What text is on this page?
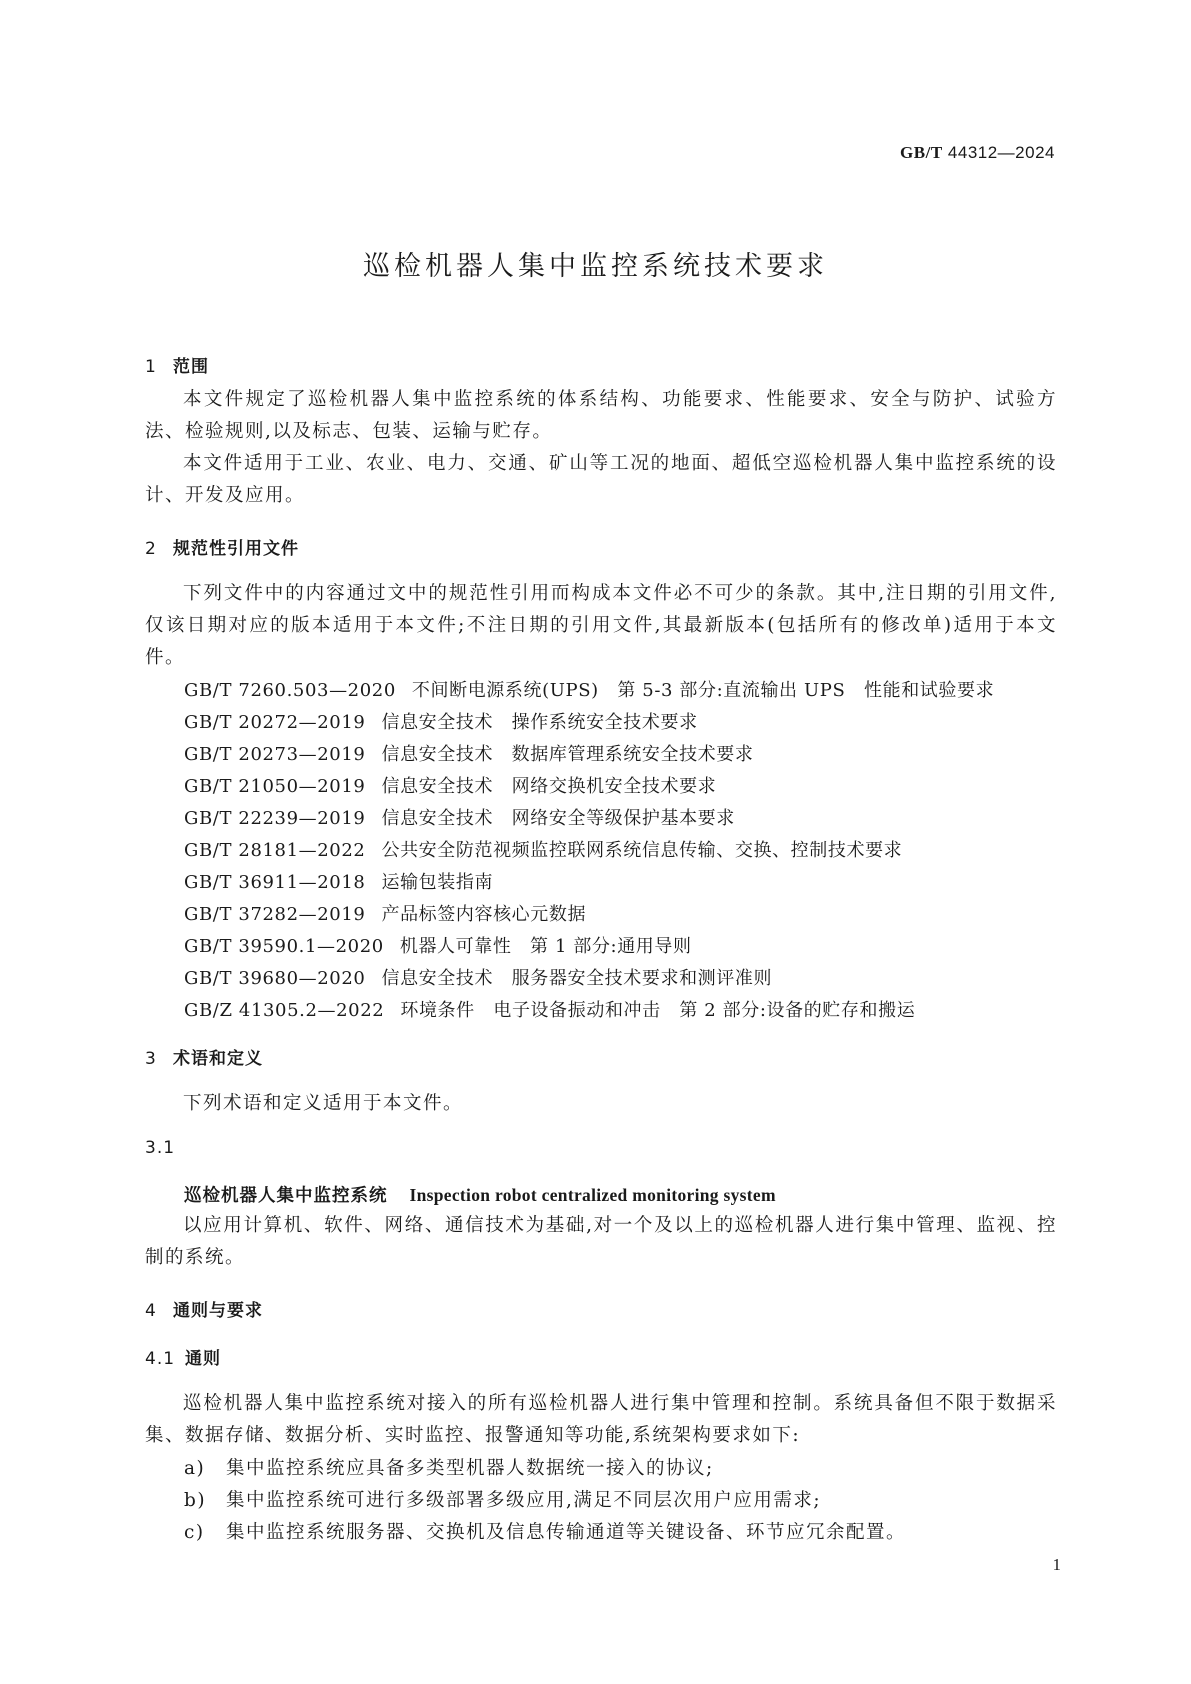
GB/T 44312—2024
巡检机器人集中监控系统技术要求
1 范围
本文件规定了巡检机器人集中监控系统的体系结构、功能要求、性能要求、安全与防护、试验方法、检验规则,以及标志、包装、运输与贮存。
本文件适用于工业、农业、电力、交通、矿山等工况的地面、超低空巡检机器人集中监控系统的设计、开发及应用。
2 规范性引用文件
下列文件中的内容通过文中的规范性引用而构成本文件必不可少的条款。其中,注日期的引用文件,仅该日期对应的版本适用于本文件;不注日期的引用文件,其最新版本(包括所有的修改单)适用于本文件。
GB/T 7260.503—2020 不间断电源系统(UPS)　第 5-3 部分:直流输出 UPS　性能和试验要求
GB/T 20272—2019 信息安全技术　操作系统安全技术要求
GB/T 20273—2019 信息安全技术　数据库管理系统安全技术要求
GB/T 21050—2019 信息安全技术　网络交换机安全技术要求
GB/T 22239—2019 信息安全技术　网络安全等级保护基本要求
GB/T 28181—2022 公共安全防范视频监控联网系统信息传输、交换、控制技术要求
GB/T 36911—2018 运输包装指南
GB/T 37282—2019 产品标签内容核心元数据
GB/T 39590.1—2020 机器人可靠性　第 1 部分:通用导则
GB/T 39680—2020 信息安全技术　服务器安全技术要求和测评准则
GB/Z 41305.2—2022 环境条件　电子设备振动和冲击　第 2 部分:设备的贮存和搬运
3 术语和定义
下列术语和定义适用于本文件。
3.1
巡检机器人集中监控系统 Inspection robot centralized monitoring system
以应用计算机、软件、网络、通信技术为基础,对一个及以上的巡检机器人进行集中管理、监视、控制的系统。
4 通则与要求
4.1 通则
巡检机器人集中监控系统对接入的所有巡检机器人进行集中管理和控制。系统具备但不限于数据采集、数据存储、数据分析、实时监控、报警通知等功能,系统架构要求如下:
a) 集中监控系统应具备多类型机器人数据统一接入的协议;
b) 集中监控系统可进行多级部署多级应用,满足不同层次用户应用需求;
c) 集中监控系统服务器、交换机及信息传输通道等关键设备、环节应冗余配置。
1
